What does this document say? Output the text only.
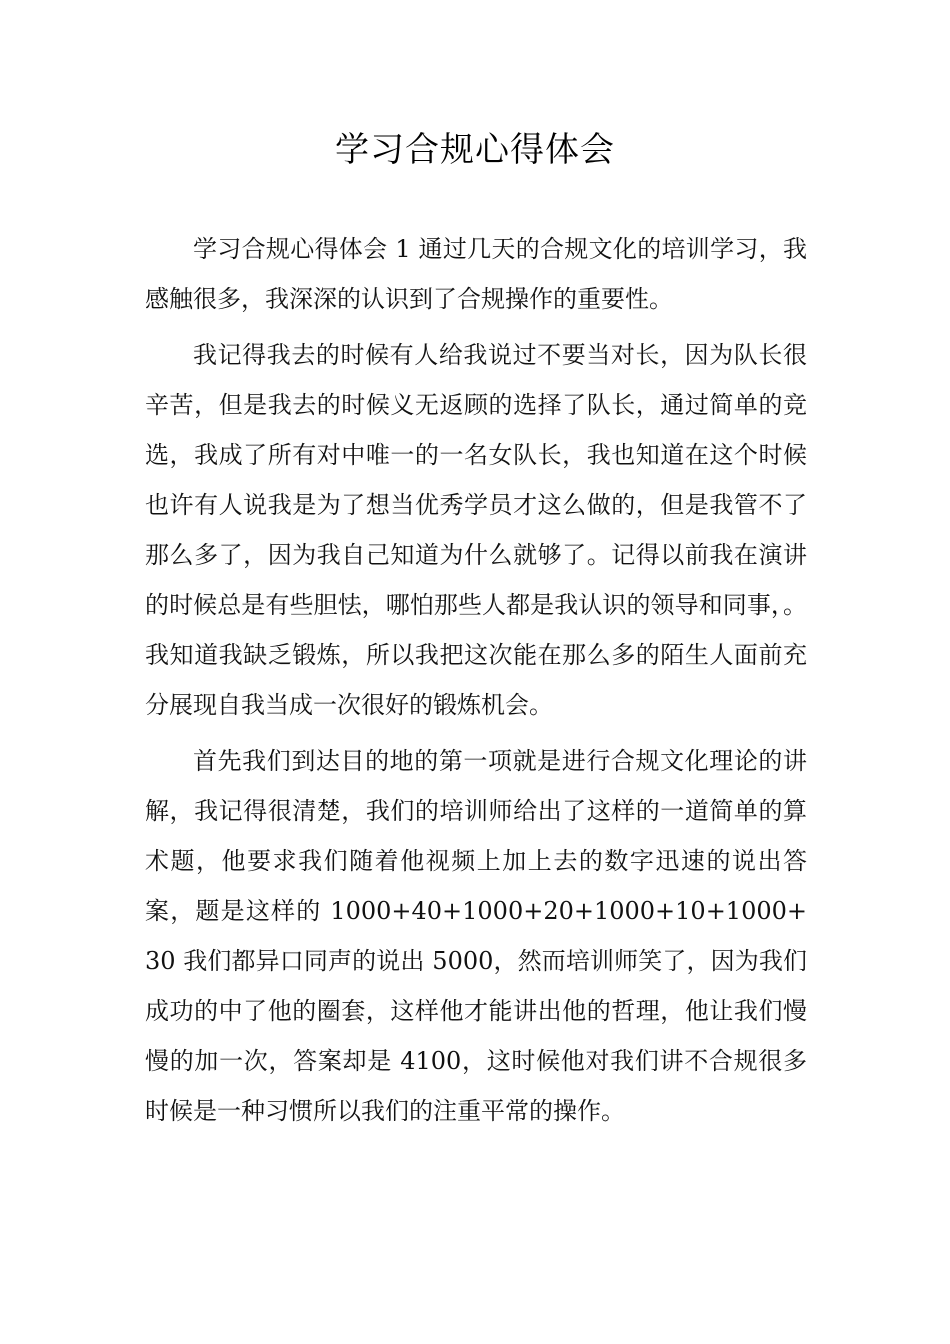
学习合规心得体会

学习合规心得体会 1 通过几天的合规文化的培训学习，我感触很多，我深深的认识到了合规操作的重要性。

我记得我去的时候有人给我说过不要当对长，因为队长很辛苦，但是我去的时候义无返顾的选择了队长，通过简单的竞选，我成了所有对中唯一的一名女队长，我也知道在这个时候也许有人说我是为了想当优秀学员才这么做的，但是我管不了那么多了，因为我自己知道为什么就够了。记得以前我在演讲的时候总是有些胆怯，哪怕那些人都是我认识的领导和同事，。我知道我缺乏锻炼，所以我把这次能在那么多的陌生人面前充分展现自我当成一次很好的锻炼机会。

首先我们到达目的地的第一项就是进行合规文化理论的讲解，我记得很清楚，我们的培训师给出了这样的一道简单的算术题，他要求我们随着他视频上加上去的数字迅速的说出答案，题是这样的 1000+40+1000+20+1000+10+1000+30 我们都异口同声的说出 5000，然而培训师笑了，因为我们成功的中了他的圈套，这样他才能讲出他的哲理，他让我们慢慢的加一次，答案却是 4100，这时候他对我们讲不合规很多时候是一种习惯所以我们的注重平常的操作。
